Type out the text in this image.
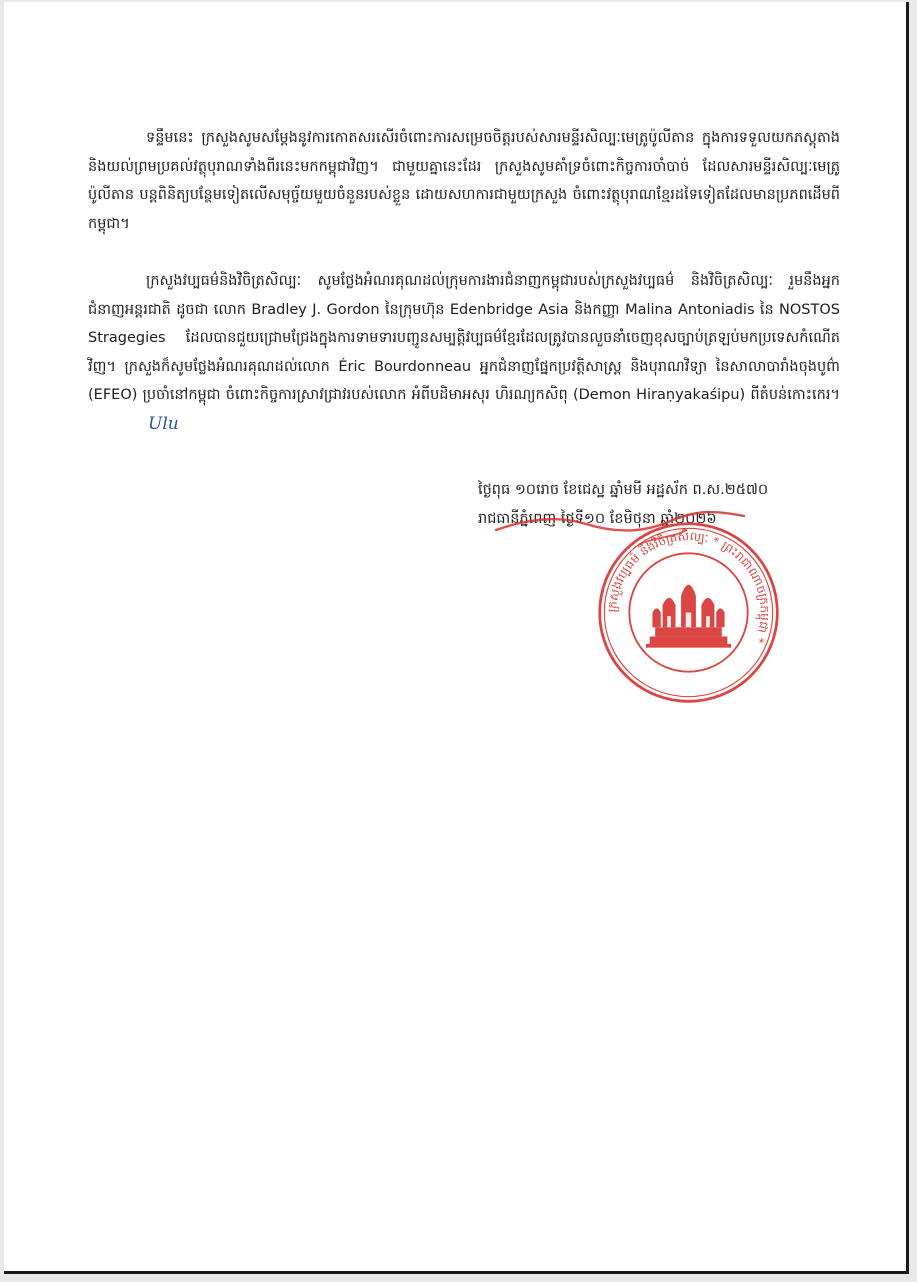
ទន្ទឹមនេះ ក្រសួងសូមសម្តែងនូវការកោតសរសើរចំពោះការសម្រេចចិត្តរបស់សារមន្ទីរសិល្បៈមេត្រូប៉ូលីតាន ក្នុងការទទួលយកភស្តុតាង និងយល់ព្រមប្រគល់វត្ថុបុរាណទាំងពីរនេះមកកម្ពុជាវិញ។ ជាមួយគ្នានេះដែរ ក្រសួងសូមគាំទ្រចំពោះកិច្ចការចាំបាច់ ដែលសារមន្ទីរសិល្បៈមេត្រូប៉ូលីតាន បន្តពិនិត្យបន្ថែមទៀតលើសមុច្ច័យមួយចំនួនរបស់ខ្លួន ដោយសហការជាមួយក្រសួង ចំពោះវត្ថុបុរាណខ្មែរដទៃទៀតដែលមានប្រភពដើមពីកម្ពុជា។

ក្រសួងវប្បធម៌និងវិចិត្រសិល្បៈ សូមថ្លែងអំណរគុណដល់ក្រុមការងារជំនាញកម្ពុជារបស់ក្រសួងវប្បធម៌ និងវិចិត្រសិល្បៈ រួមនឹងអ្នកជំនាញអន្តរជាតិ ដូចជា លោក Bradley J. Gordon នៃក្រុមហ៊ុន Edenbridge Asia និងកញ្ញា Malina Antoniadis នៃ NOSTOS Stragegies ដែលបានជួយជ្រោមជ្រែងក្នុងការទាមទារបញ្ជូនសម្បត្តិវប្បធម៌ខ្មែរដែលត្រូវបានលួចនាំចេញខុសច្បាប់ត្រឡប់មកប្រទេសកំណើតវិញ។ ក្រសួងក៏សូមថ្លែងអំណរគុណដល់លោក Éric Bourdonneau អ្នកជំនាញផ្នែកប្រវត្តិសាស្ត្រ និងបុរាណវិទ្យា នៃសាលាបារាំងចុងបូព៌ា (EFEO) ប្រចាំនៅកម្ពុជា ចំពោះកិច្ចការស្រាវជ្រាវរបស់លោក អំពីបដិមាអសុរ ហិរណ្យកសិពុ (Demon Hiraṇyakaśipu) ពីតំបន់កោះកេរ។ Ulu

ថ្ងៃពុធ ១០រោច ខែជេស្ឋ ឆ្នាំមមី អដ្ឋស័ក ព.ស.២៥៧០
រាជធានីភ្នំពេញ ថ្ងៃទី១០ ខែមិថុនា ឆ្នាំ២០២៦
ក្រសួងវប្បធម៌ និងវិចិត្រសិល្បៈ * ព្រះរាជាណាចក្រកម្ពុជា *
